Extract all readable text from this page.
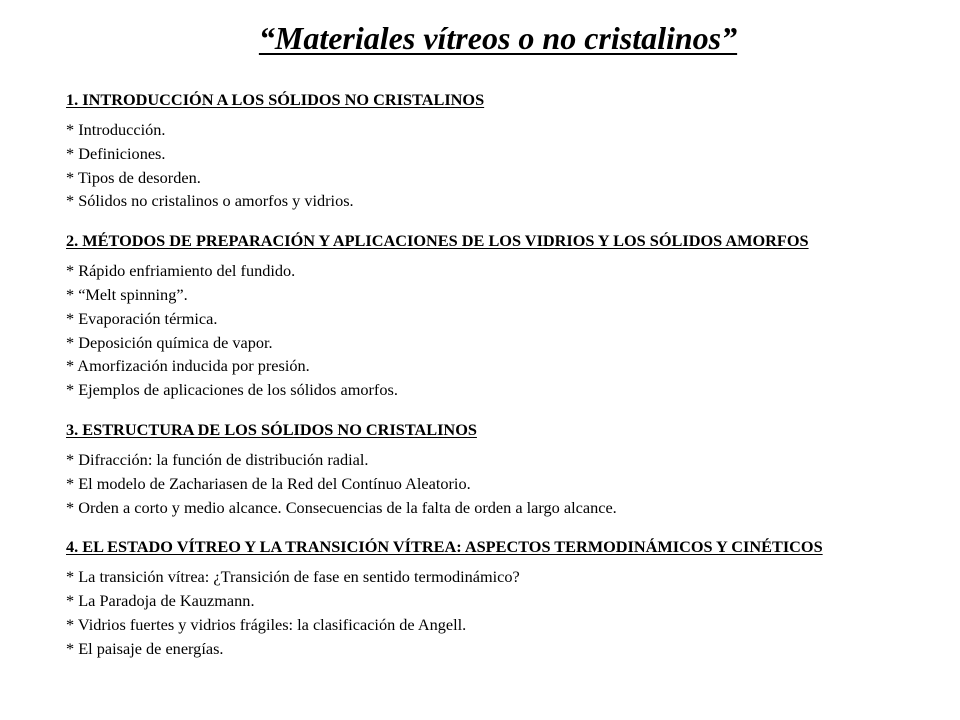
“Materiales vítreos o no cristalinos”
1. INTRODUCCIÓN A LOS SÓLIDOS NO CRISTALINOS
* Introducción.
* Definiciones.
* Tipos de desorden.
* Sólidos no cristalinos o amorfos y vidrios.
2. MÉTODOS DE PREPARACIÓN Y APLICACIONES DE LOS VIDRIOS Y LOS SÓLIDOS AMORFOS
* Rápido enfriamiento del fundido.
* “Melt spinning”.
* Evaporación térmica.
* Deposición química de vapor.
* Amorfización inducida por presión.
* Ejemplos de aplicaciones de los sólidos amorfos.
3. ESTRUCTURA DE LOS SÓLIDOS NO CRISTALINOS
* Difracción: la función de distribución radial.
* El modelo de Zachariasen de la Red del Contínuo Aleatorio.
* Orden a corto y medio alcance. Consecuencias de la falta de orden a largo alcance.
4. EL ESTADO VÍTREO Y LA TRANSICIÓN VÍTREA: ASPECTOS TERMODINÁMICOS Y CINÉTICOS
* La transición vítrea: ¿Transición de fase en sentido termodinámico?
* La Paradoja de Kauzmann.
* Vidrios fuertes y vidrios frágiles: la clasificación de Angell.
* El paisaje de energías.
